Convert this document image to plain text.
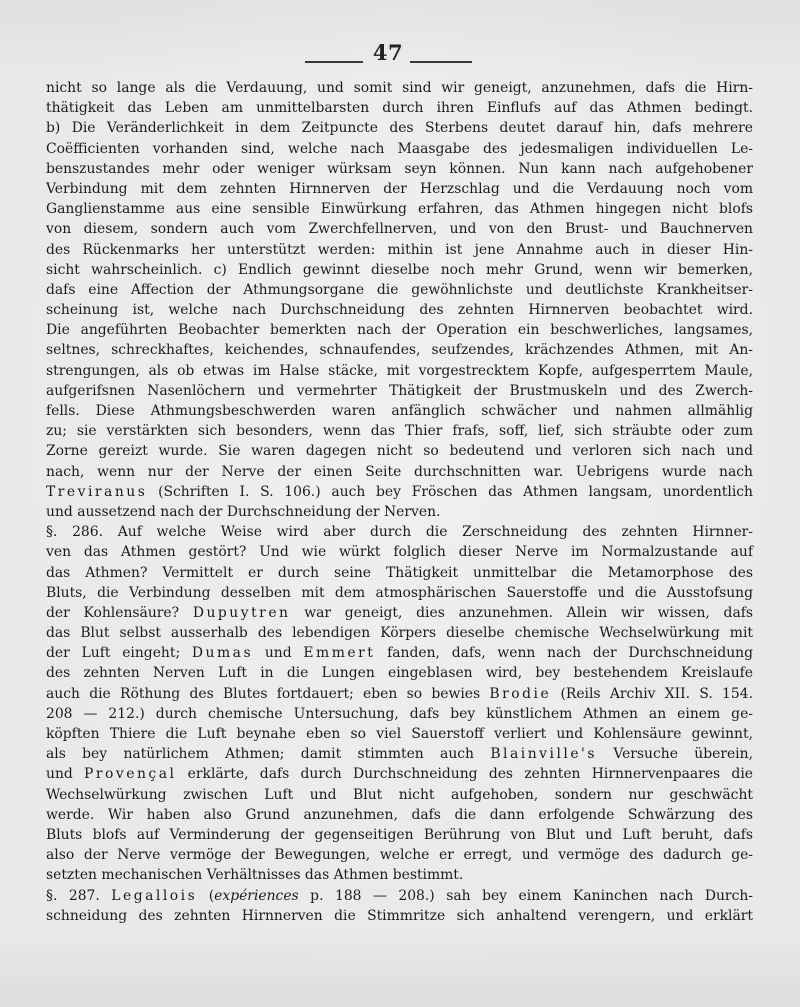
47
nicht so lange als die Verdauung, und somit sind wir geneigt, anzunehmen, dafs die Hirn-
thätigkeit das Leben am unmittelbarsten durch ihren Einflufs auf das Athmen bedingt.
b) Die Veränderlichkeit in dem Zeitpuncte des Sterbens deutet darauf hin, dafs mehrere
Coëfficienten vorhanden sind, welche nach Maasgabe des jedesmaligen individuellen Le-
benszustandes mehr oder weniger würksam seyn können. Nun kann nach aufgehobener
Verbindung mit dem zehnten Hirnnerven der Herzschlag und die Verdauung noch vom
Ganglienstamme aus eine sensible Einwürkung erfahren, das Athmen hingegen nicht blofs
von diesem, sondern auch vom Zwerchfellnerven, und von den Brust- und Bauchnerven
des Rückenmarks her unterstützt werden: mithin ist jene Annahme auch in dieser Hin-
sicht wahrscheinlich. c) Endlich gewinnt dieselbe noch mehr Grund, wenn wir bemerken,
dafs eine Affection der Athmungsorgane die gewöhnlichste und deutlichste Krankheitser-
scheinung ist, welche nach Durchschneidung des zehnten Hirnnerven beobachtet wird.
Die angeführten Beobachter bemerkten nach der Operation ein beschwerliches, langsames,
seltnes, schreckhaftes, keichendes, schnaufendes, seufzendes, krächzendes Athmen, mit An-
strengungen, als ob etwas im Halse stäcke, mit vorgestrecktem Kopfe, aufgesperrtem Maule,
aufgerifsnen Nasenlöchern und vermehrter Thätigkeit der Brustmuskeln und des Zwerch-
fells. Diese Athmungsbeschwerden waren anfänglich schwächer und nahmen allmählig
zu; sie verstärkten sich besonders, wenn das Thier frafs, soff, lief, sich sträubte oder zum
Zorne gereizt wurde. Sie waren dagegen nicht so bedeutend und verloren sich nach und
nach, wenn nur der Nerve der einen Seite durchschnitten war. Uebrigens wurde nach
Treviranus (Schriften I. S. 106.) auch bey Fröschen das Athmen langsam, unordentlich
und aussetzend nach der Durchschneidung der Nerven.
§. 286. Auf welche Weise wird aber durch die Zerschneidung des zehnten Hirnner-
ven das Athmen gestört? Und wie würkt folglich dieser Nerve im Normalzustande auf
das Athmen? Vermittelt er durch seine Thätigkeit unmittelbar die Metamorphose des
Bluts, die Verbindung desselben mit dem atmosphärischen Sauerstoffe und die Ausstofsung
der Kohlensäure? Dupuytren war geneigt, dies anzunehmen. Allein wir wissen, dafs
das Blut selbst ausserhalb des lebendigen Körpers dieselbe chemische Wechselwürkung mit
der Luft eingeht; Dumas und Emmert fanden, dafs, wenn nach der Durchschneidung
des zehnten Nerven Luft in die Lungen eingeblasen wird, bey bestehendem Kreislaufe
auch die Röthung des Blutes fortdauert; eben so bewies Brodie (Reils Archiv XII. S. 154.
208 — 212.) durch chemische Untersuchung, dafs bey künstlichem Athmen an einem ge-
köpften Thiere die Luft beynahe eben so viel Sauerstoff verliert und Kohlensäure gewinnt,
als bey natürlichem Athmen; damit stimmten auch Blainville's Versuche überein,
und Provençal erklärte, dafs durch Durchschneidung des zehnten Hirnnervenpaares die
Wechselwürkung zwischen Luft und Blut nicht aufgehoben, sondern nur geschwächt
werde. Wir haben also Grund anzunehmen, dafs die dann erfolgende Schwärzung des
Bluts blofs auf Verminderung der gegenseitigen Berührung von Blut und Luft beruht, dafs
also der Nerve vermöge der Bewegungen, welche er erregt, und vermöge des dadurch ge-
setzten mechanischen Verhältnisses das Athmen bestimmt.
§. 287. Legallois (expériences p. 188 — 208.) sah bey einem Kaninchen nach Durch-
schneidung des zehnten Hirnnerven die Stimmritze sich anhaltend verengern, und erklärt
